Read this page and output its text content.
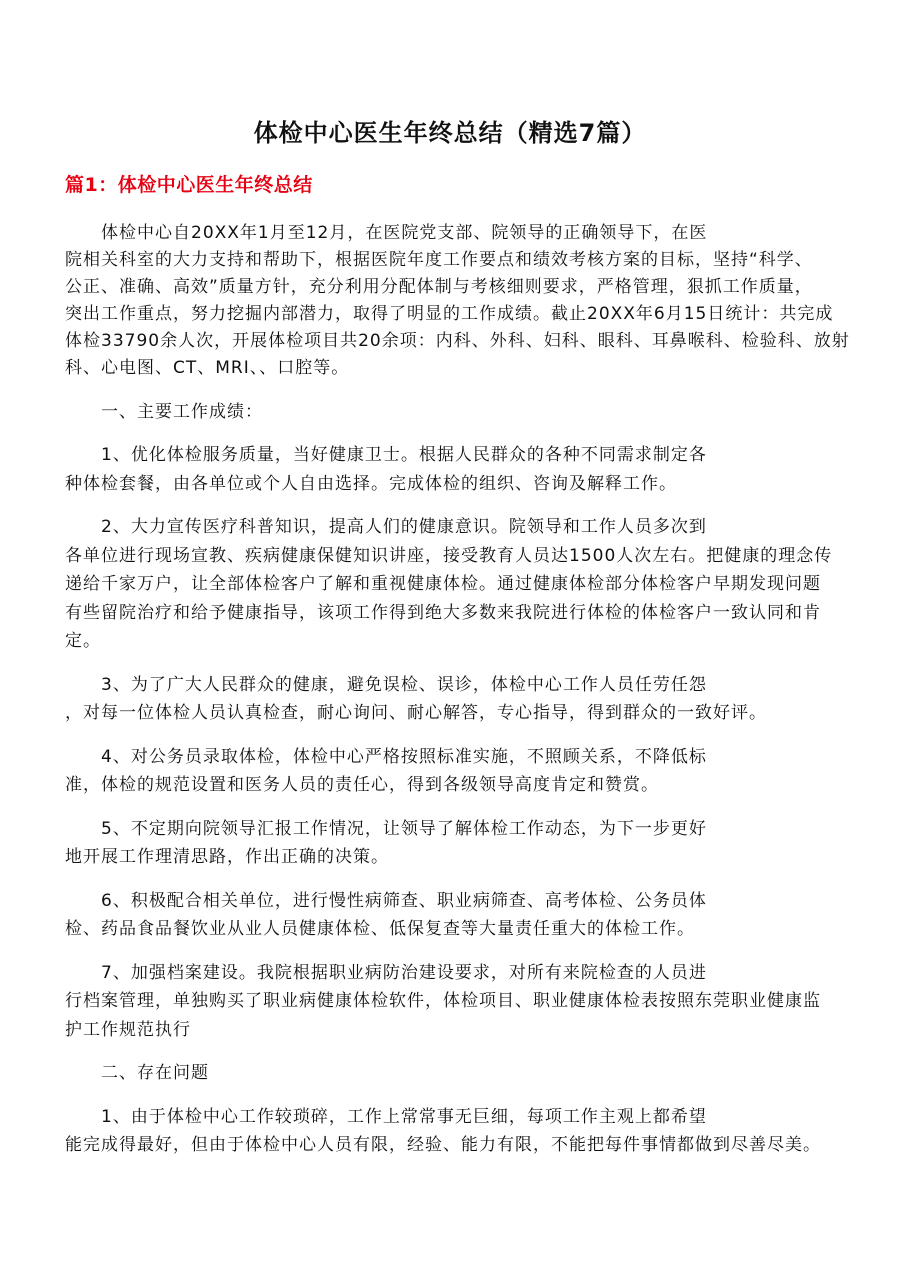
体检中心医生年终总结（精选7篇）
篇1：体检中心医生年终总结
体检中心自20XX年1月至12月，在医院党支部、院领导的正确领导下，在医
院相关科室的大力支持和帮助下，根据医院年度工作要点和绩效考核方案的目标，坚持“科学、
公正、准确、高效”质量方针，充分利用分配体制与考核细则要求，严格管理，狠抓工作质量，
突出工作重点，努力挖掘内部潜力，取得了明显的工作成绩。截止20XX年6月15日统计：共完成
体检33790余人次，开展体检项目共20余项：内科、外科、妇科、眼科、耳鼻喉科、检验科、放射
科、心电图、CT、MRI、、口腔等。
一、主要工作成绩：
1、优化体检服务质量，当好健康卫士。根据人民群众的各种不同需求制定各
种体检套餐，由各单位或个人自由选择。完成体检的组织、咨询及解释工作。
2、大力宣传医疗科普知识，提高人们的健康意识。院领导和工作人员多次到
各单位进行现场宣教、疾病健康保健知识讲座，接受教育人员达1500人次左右。把健康的理念传
递给千家万户，让全部体检客户了解和重视健康体检。通过健康体检部分体检客户早期发现问题
有些留院治疗和给予健康指导，该项工作得到绝大多数来我院进行体检的体检客户一致认同和肯
定。
3、为了广大人民群众的健康，避免误检、误诊，体检中心工作人员任劳任怨
，对每一位体检人员认真检查，耐心询问、耐心解答，专心指导，得到群众的一致好评。
4、对公务员录取体检，体检中心严格按照标准实施，不照顾关系，不降低标
准，体检的规范设置和医务人员的责任心，得到各级领导高度肯定和赞赏。
5、不定期向院领导汇报工作情况，让领导了解体检工作动态，为下一步更好
地开展工作理清思路，作出正确的决策。
6、积极配合相关单位，进行慢性病筛查、职业病筛查、高考体检、公务员体
检、药品食品餐饮业从业人员健康体检、低保复查等大量责任重大的体检工作。
7、加强档案建设。我院根据职业病防治建设要求，对所有来院检查的人员进
行档案管理，单独购买了职业病健康体检软件，体检项目、职业健康体检表按照东莞职业健康监
护工作规范执行
二、存在问题
1、由于体检中心工作较琐碎，工作上常常事无巨细，每项工作主观上都希望
能完成得最好，但由于体检中心人员有限，经验、能力有限，不能把每件事情都做到尽善尽美。
